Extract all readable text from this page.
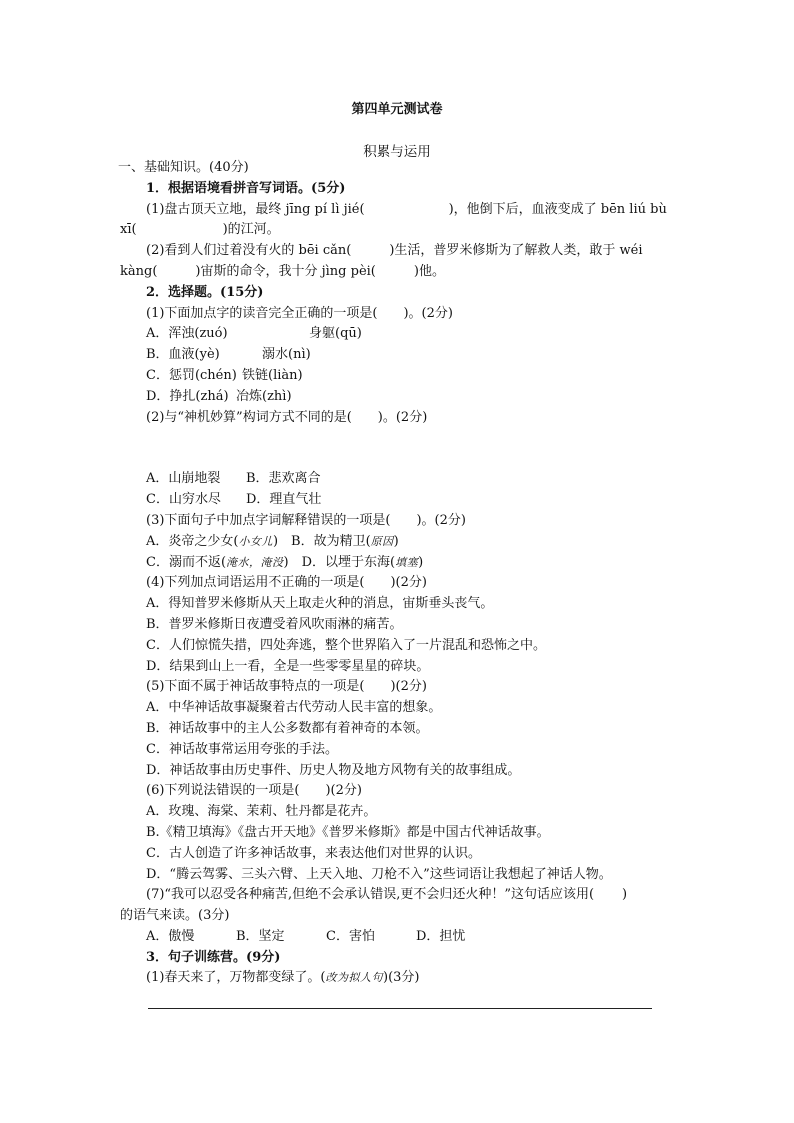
第四单元测试卷
积累与运用
一、基础知识。(40分)
1．根据语境看拼音写词语。(5分)
(1)盘古顶天立地，最终 jīng pí lì jié(	)，他倒下后，血液变成了 bēn liú bù
xī(	)的江河。
(2)看到人们过着没有火的 bēi cǎn(	)生活，普罗米修斯为了解救人类，敢于 wéi
kàng(	)宙斯的命令，我十分 jìng pèi(	)他。
2．选择题。(15分)
(1)下面加点字的读音完全正确的一项是(　　)。(2分)
A．浑浊(zuó)	身躯(qū)
B．血液(yè)	溺水(nì)
C．惩罚(chén) 铁链(liàn)
D．挣扎(zhá) 冶炼(zhì)
(2)与“神机妙算”构词方式不同的是(　　)。(2分)
A．山崩地裂 B．悲欢离合
C．山穷水尽 D．理直气壮
(3)下面句子中加点字词解释错误的一项是(　　)。(2分)
A．炎帝之少女(小女儿)　B．故为精卫(原因)
C．溺而不返(淹水，淹没)　D．以堙于东海(填塞)
(4)下列加点词语运用不正确的一项是(　　)(2分)
A．得知普罗米修斯从天上取走火种的消息，宙斯垂头丧气。
B．普罗米修斯日夜遭受着风吹雨淋的痛苦。
C．人们惊慌失措，四处奔逃，整个世界陷入了一片混乱和恐怖之中。
D．结果到山上一看，全是一些零零星星的碎块。
(5)下面不属于神话故事特点的一项是(　　)(2分)
A．中华神话故事凝聚着古代劳动人民丰富的想象。
B．神话故事中的主人公多数都有着神奇的本领。
C．神话故事常运用夸张的手法。
D．神话故事由历史事件、历史人物及地方风物有关的故事组成。
(6)下列说法错误的一项是(　　)(2分)
A．玫瑰、海棠、茉莉、牡丹都是花卉。
B.《精卫填海》《盘古开天地》《普罗米修斯》都是中国古代神话故事。
C．古人创造了许多神话故事，来表达他们对世界的认识。
D．“腾云驾雾、三头六臂、上天入地、刀枪不入”这些词语让我想起了神话人物。
(7)“我可以忍受各种痛苦,但绝不会承认错误,更不会归还火种！”这句话应该用( )
的语气来读。(3分)
A．傲慢	B．坚定	C．害怕	D．担忧
3．句子训练营。(9分)
(1)春天来了，万物都变绿了。(改为拟人句)(3分)
